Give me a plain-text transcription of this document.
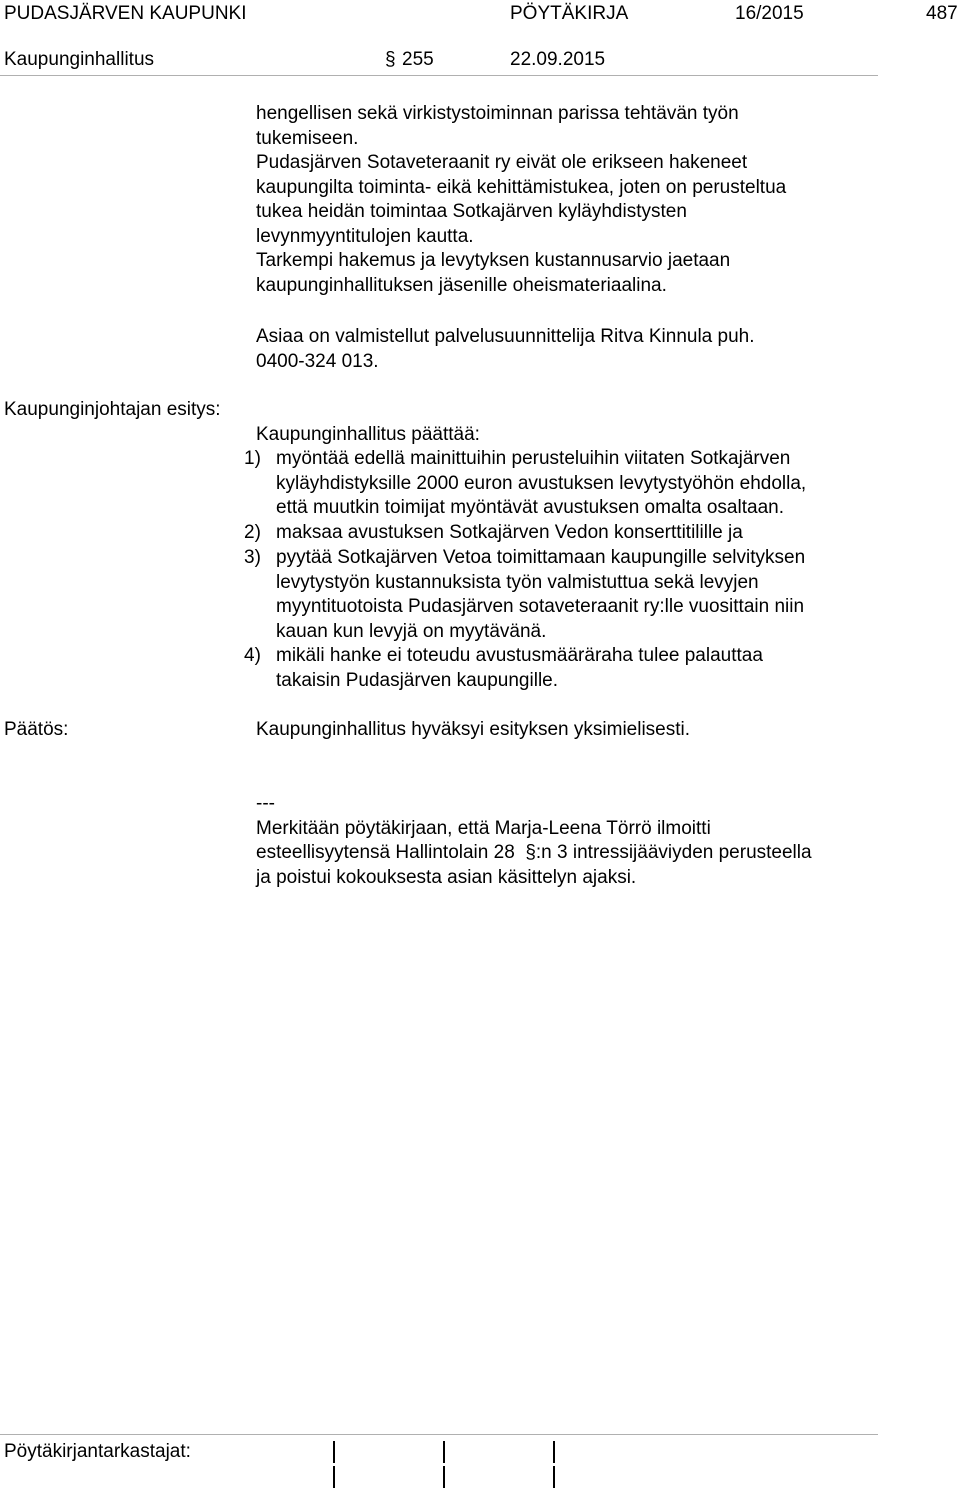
PUDASJÄRVEN KAUPUNKI	PÖYTÄKIRJA	16/2015	487
Kaupunginhallitus	§ 255	22.09.2015
hengellisen sekä virkistystoiminnan parissa tehtävän työn
tukemiseen.
Pudasjärven Sotaveteraanit ry eivät ole erikseen hakeneet
kaupungilta toiminta- eikä kehittämistukea, joten on perusteltua
tukea heidän toimintaa Sotkajärven kyläyhdistysten
levynmyyntitulojen kautta.
Tarkempi hakemus ja levytyksen kustannusarvio jaetaan
kaupunginhallituksen jäsenille oheismateriaalina.
Asiaa on valmistellut palvelusuunnittelija Ritva Kinnula puh.
0400-324 013.
Kaupunginjohtajan esitys:
Kaupunginhallitus päättää:
1) myöntää edellä mainittuihin perusteluihin viitaten Sotkajärven
kyläyhdistyksille 2000 euron avustuksen levytystyöhön ehdolla,
että muutkin toimijat myöntävät avustuksen omalta osaltaan.
2) maksaa avustuksen Sotkajärven Vedon konserttitilille ja
3) pyytää Sotkajärven Vetoa toimittamaan kaupungille selvityksen
levytystyön kustannuksista työn valmistuttua sekä levyjen
myyntituotoista Pudasjärven sotaveteraanit ry:lle vuosittain niin
kauan kun levyjä on myytävänä.
4) mikäli hanke ei toteudu avustusmääräraha tulee palauttaa
takaisin Pudasjärven kaupungille.
Päätös:	Kaupunginhallitus hyväksyi esityksen yksimielisesti.
---
Merkitään pöytäkirjaan, että Marja-Leena Törrö ilmoitti
esteellisyytensä Hallintolain 28 §:n 3 intressijääviyden perusteella
ja poistui kokouksesta asian käsittelyn ajaksi.
Pöytäkirjantarkastajat:
